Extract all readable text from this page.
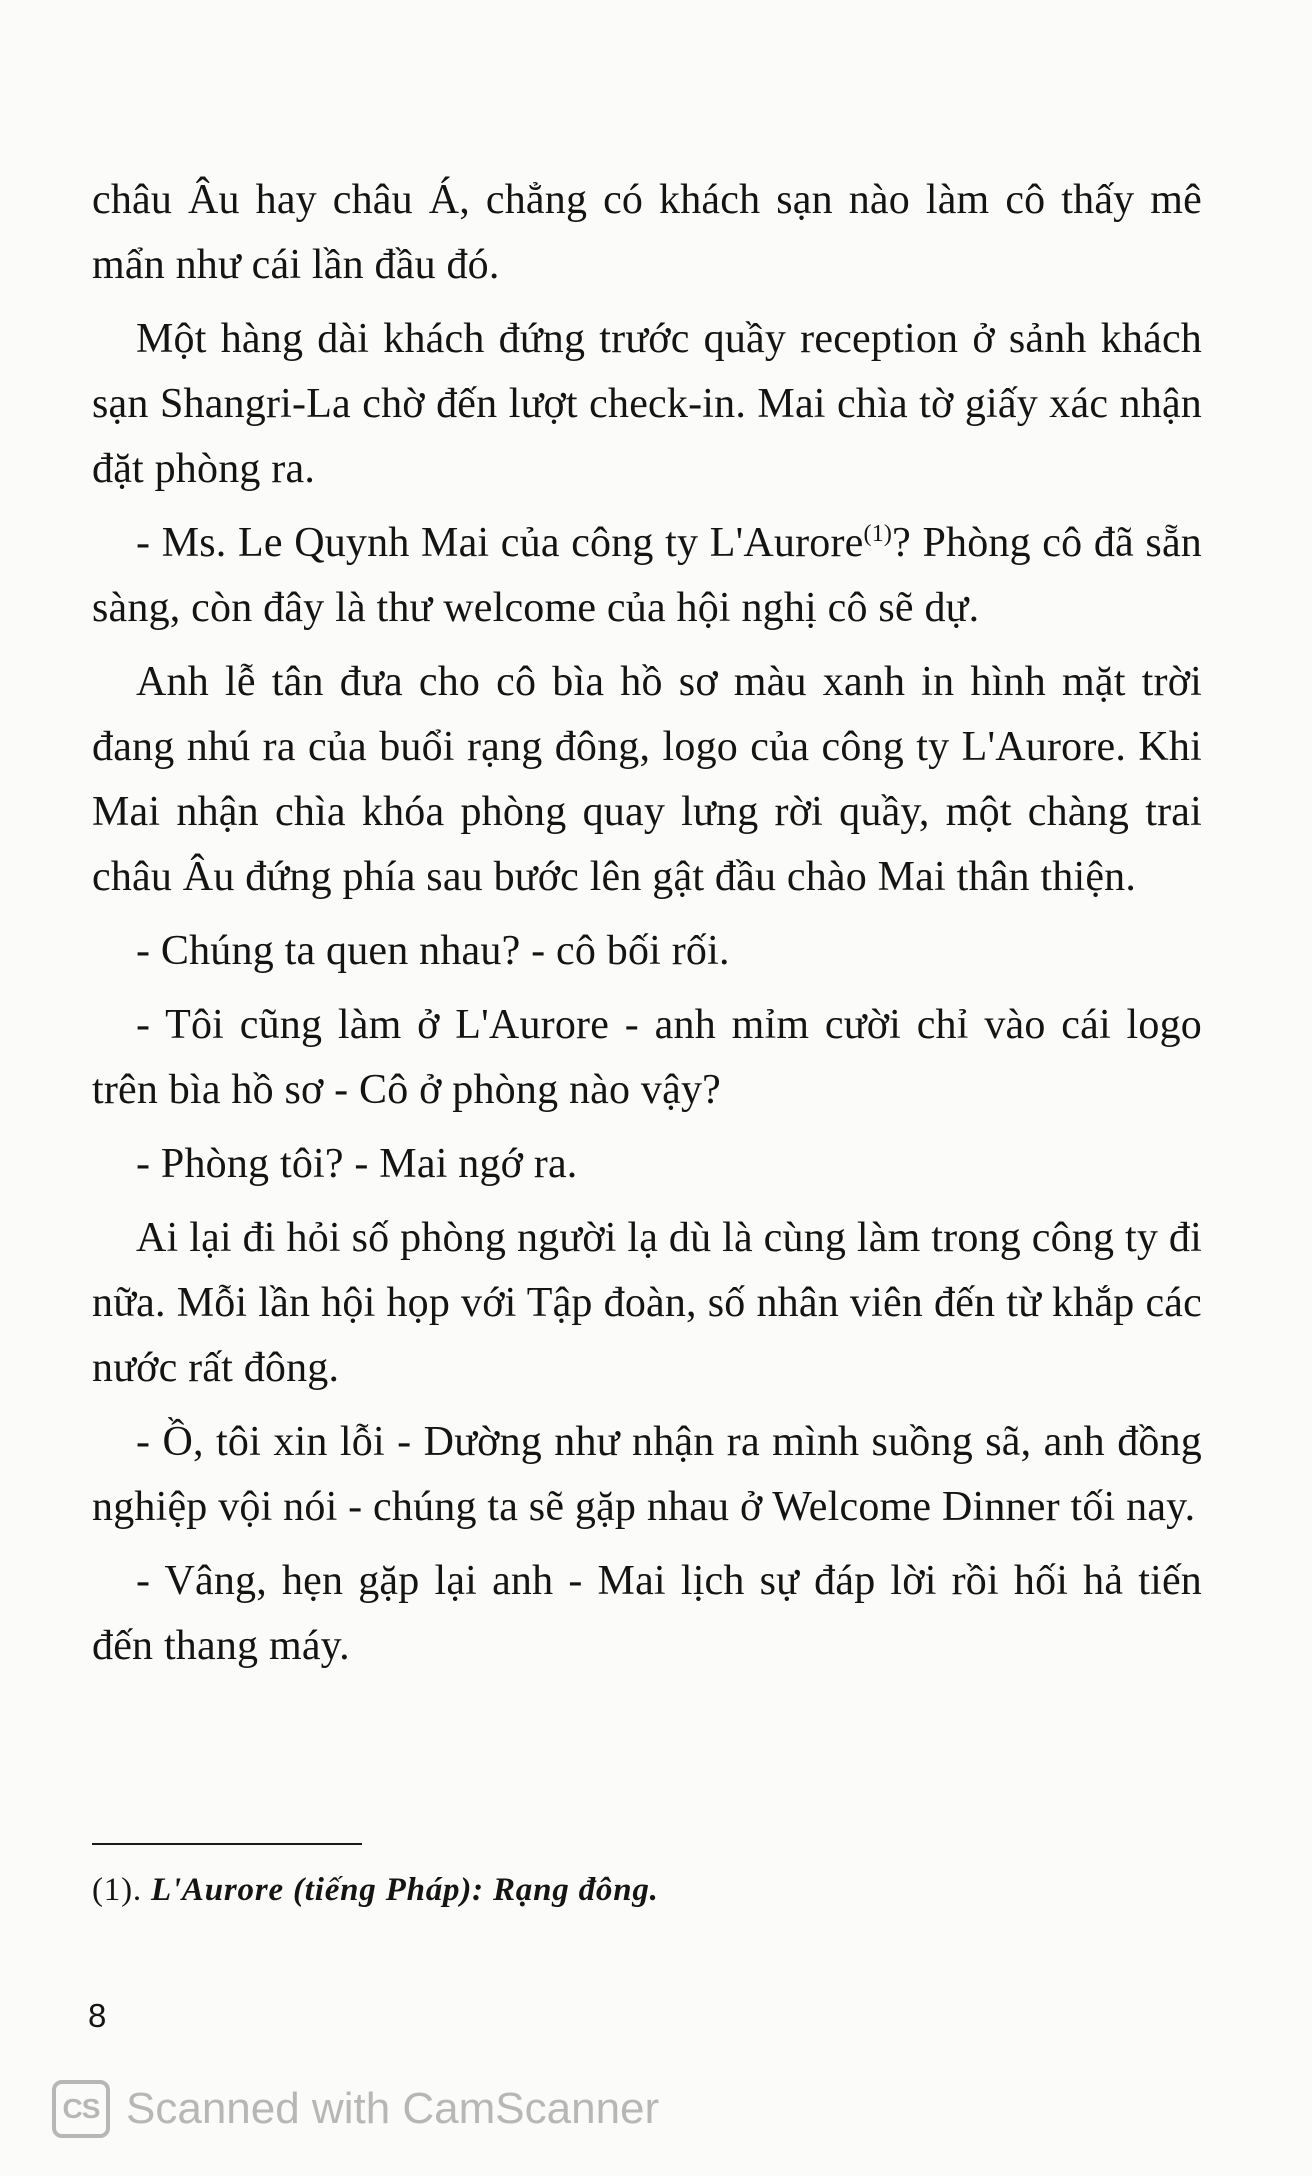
châu Âu hay châu Á, chẳng có khách sạn nào làm cô thấy mê mẩn như cái lần đầu đó.

Một hàng dài khách đứng trước quầy reception ở sảnh khách sạn Shangri-La chờ đến lượt check-in. Mai chìa tờ giấy xác nhận đặt phòng ra.

- Ms. Le Quynh Mai của công ty L'Aurore$^{(1)}$? Phòng cô đã sẵn sàng, còn đây là thư welcome của hội nghị cô sẽ dự.

Anh lễ tân đưa cho cô bìa hồ sơ màu xanh in hình mặt trời đang nhú ra của buổi rạng đông, logo của công ty L'Aurore. Khi Mai nhận chìa khóa phòng quay lưng rời quầy, một chàng trai châu Âu đứng phía sau bước lên gật đầu chào Mai thân thiện.

- Chúng ta quen nhau? - cô bối rối.

- Tôi cũng làm ở L'Aurore - anh mỉm cười chỉ vào cái logo trên bìa hồ sơ - Cô ở phòng nào vậy?

- Phòng tôi? - Mai ngớ ra.

Ai lại đi hỏi số phòng người lạ dù là cùng làm trong công ty đi nữa. Mỗi lần hội họp với Tập đoàn, số nhân viên đến từ khắp các nước rất đông.

- Ồ, tôi xin lỗi - Dường như nhận ra mình suồng sã, anh đồng nghiệp vội nói - chúng ta sẽ gặp nhau ở Welcome Dinner tối nay.

- Vâng, hẹn gặp lại anh - Mai lịch sự đáp lời rồi hối hả tiến đến thang máy.

(1). L'Aurore (tiếng Pháp): Rạng đông.
8
CS Scanned with CamScanner
